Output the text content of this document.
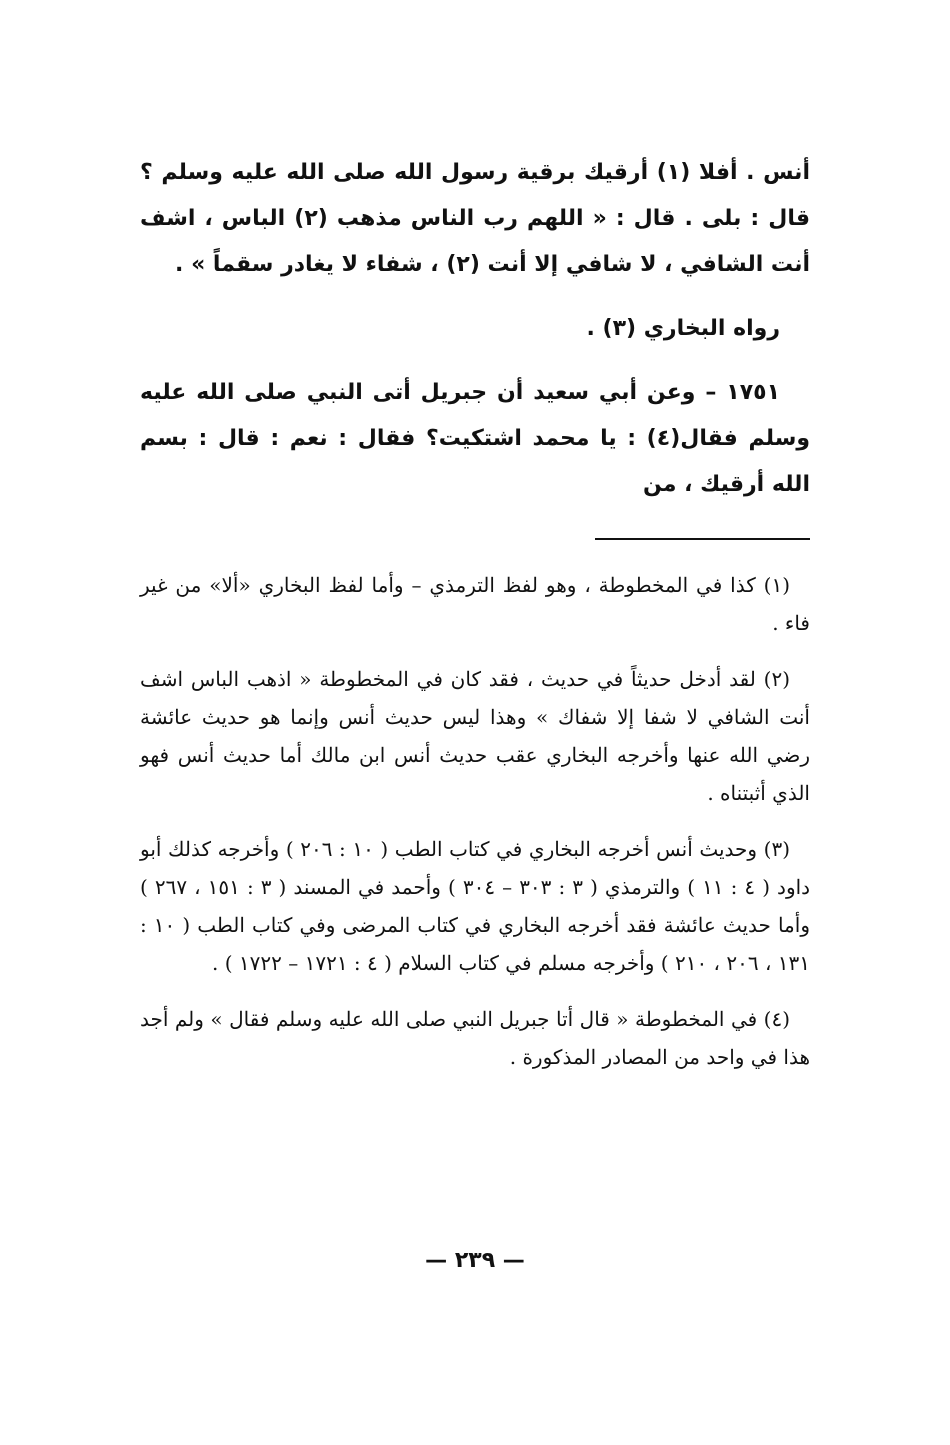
أنس . أفلا (١) أرقيك برقية رسول الله صلى الله عليه وسلم ؟ قال : بلى . قال : « اللهم رب الناس مذهب (٢) الباس ، اشف أنت الشافي ، لا شافي إلا أنت (٢) ، شفاء لا يغادر سقماً » .

رواه البخاري (٣) .

١٧٥١ – وعن أبي سعيد أن جبريل أتى النبي صلى الله عليه وسلم فقال(٤) : يا محمد اشتكيت؟ فقال : نعم : قال : بسم الله أرقيك ، من

(١) كذا في المخطوطة ، وهو لفظ الترمذي – وأما لفظ البخاري «ألا» من غير فاء .

(٢) لقد أدخل حديثاً في حديث ، فقد كان في المخطوطة « اذهب الباس اشف أنت الشافي لا شفا إلا شفاك » وهذا ليس حديث أنس وإنما هو حديث عائشة رضي الله عنها وأخرجه البخاري عقب حديث أنس ابن مالك أما حديث أنس فهو الذي أثبتناه .

(٣) وحديث أنس أخرجه البخاري في كتاب الطب ( ١٠ : ٢٠٦ ) وأخرجه كذلك أبو داود ( ٤ : ١١ ) والترمذي ( ٣ : ٣٠٣ – ٣٠٤ ) وأحمد في المسند ( ٣ : ١٥١ ، ٢٦٧ ) وأما حديث عائشة فقد أخرجه البخاري في كتاب المرضى وفي كتاب الطب ( ١٠ : ١٣١ ، ٢٠٦ ، ٢١٠ ) وأخرجه مسلم في كتاب السلام ( ٤ : ١٧٢١ – ١٧٢٢ ) .

(٤) في المخطوطة « قال أتا جبريل النبي صلى الله عليه وسلم فقال » ولم أجد هذا في واحد من المصادر المذكورة .

— ٢٣٩ —
